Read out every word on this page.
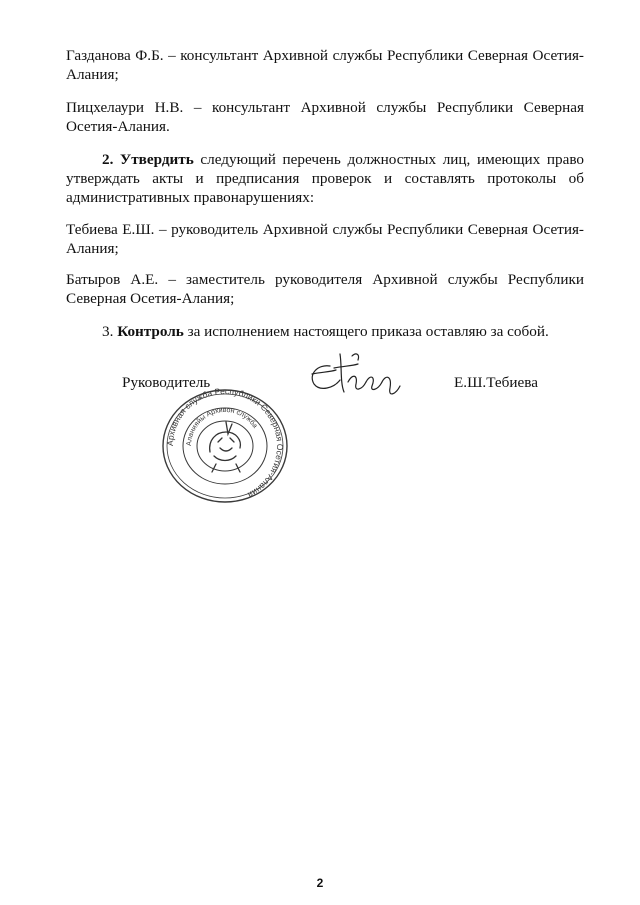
Газданова Ф.Б. – консультант Архивной службы Республики Северная Осетия-Алания;
Пицхелаури Н.В. – консультант Архивной службы Республики Северная Осетия-Алания.
2. Утвердить следующий перечень должностных лиц, имеющих право утверждать акты и предписания проверок и составлять протоколы об административных правонарушениях:
Тебиева Е.Ш. – руководитель Архивной службы Республики Северная Осетия-Алания;
Батыров А.Е. – заместитель руководителя Архивной службы Республики Северная Осетия-Алания;
3. Контроль за исполнением настоящего приказа оставляю за собой.
Руководитель	Е.Ш.Тебиева
Архивная служба Республики Северная Осетия-Алания
Аланияйы Архивон служба
2
